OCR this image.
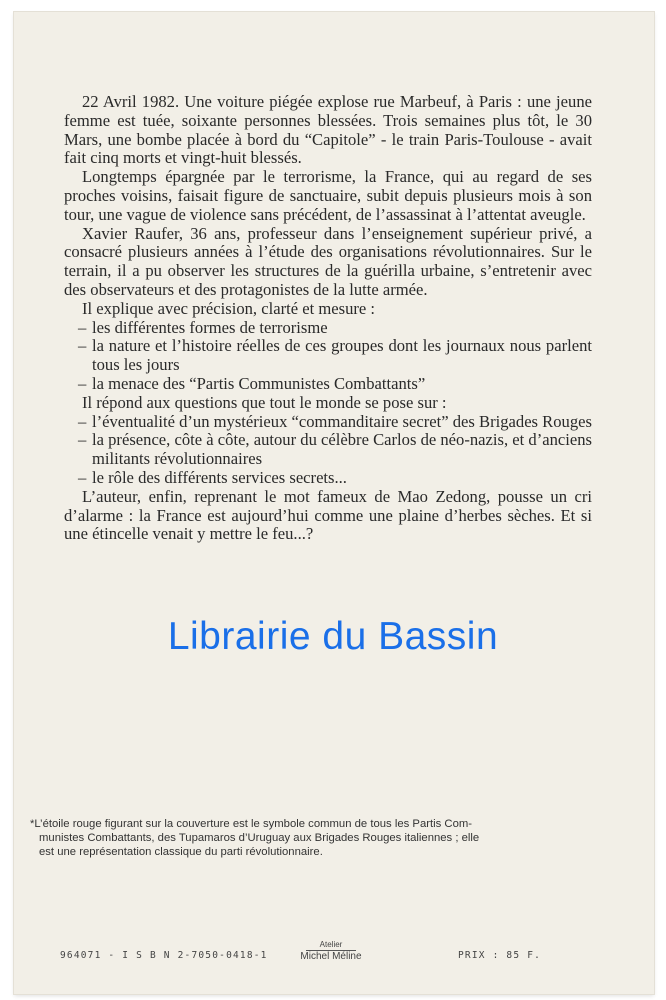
22 Avril 1982. Une voiture piégée explose rue Marbeuf, à Paris : une jeune femme est tuée, soixante personnes blessées. Trois semaines plus tôt, le 30 Mars, une bombe placée à bord du “Capitole” - le train Paris-Toulouse - avait fait cinq morts et vingt-huit blessés.

Longtemps épargnée par le terrorisme, la France, qui au regard de ses proches voisins, faisait figure de sanctuaire, subit depuis plusieurs mois à son tour, une vague de violence sans précédent, de l’assassinat à l’attentat aveugle.

Xavier Raufer, 36 ans, professeur dans l’enseignement supérieur privé, a consacré plusieurs années à l’étude des organisations révolutionnaires. Sur le terrain, il a pu observer les structures de la guérilla urbaine, s’entretenir avec des observateurs et des protagonistes de la lutte armée.

Il explique avec précision, clarté et mesure :

– les différentes formes de terrorisme
– la nature et l’histoire réelles de ces groupes dont les journaux nous parlent tous les jours
– la menace des “Partis Communistes Combattants”

Il répond aux questions que tout le monde se pose sur :

– l’éventualité d’un mystérieux “commanditaire secret” des Brigades Rouges
– la présence, côte à côte, autour du célèbre Carlos de néo-nazis, et d’anciens militants révolutionnaires
– le rôle des différents services secrets...

L’auteur, enfin, reprenant le mot fameux de Mao Zedong, pousse un cri d’alarme : la France est aujourd’hui comme une plaine d’herbes sèches. Et si une étincelle venait y mettre le feu...?

Librairie du Bassin
*L’étoile rouge figurant sur la couverture est le symbole commun de tous les Partis Com-
munistes Combattants, des Tupamaros d’Uruguay aux Brigades Rouges italiennes ; elle
est une représentation classique du parti révolutionnaire.
964071 - I S B N 2-7050-0418-1
Atelier
Michel Méline	PRIX : 85 F.
